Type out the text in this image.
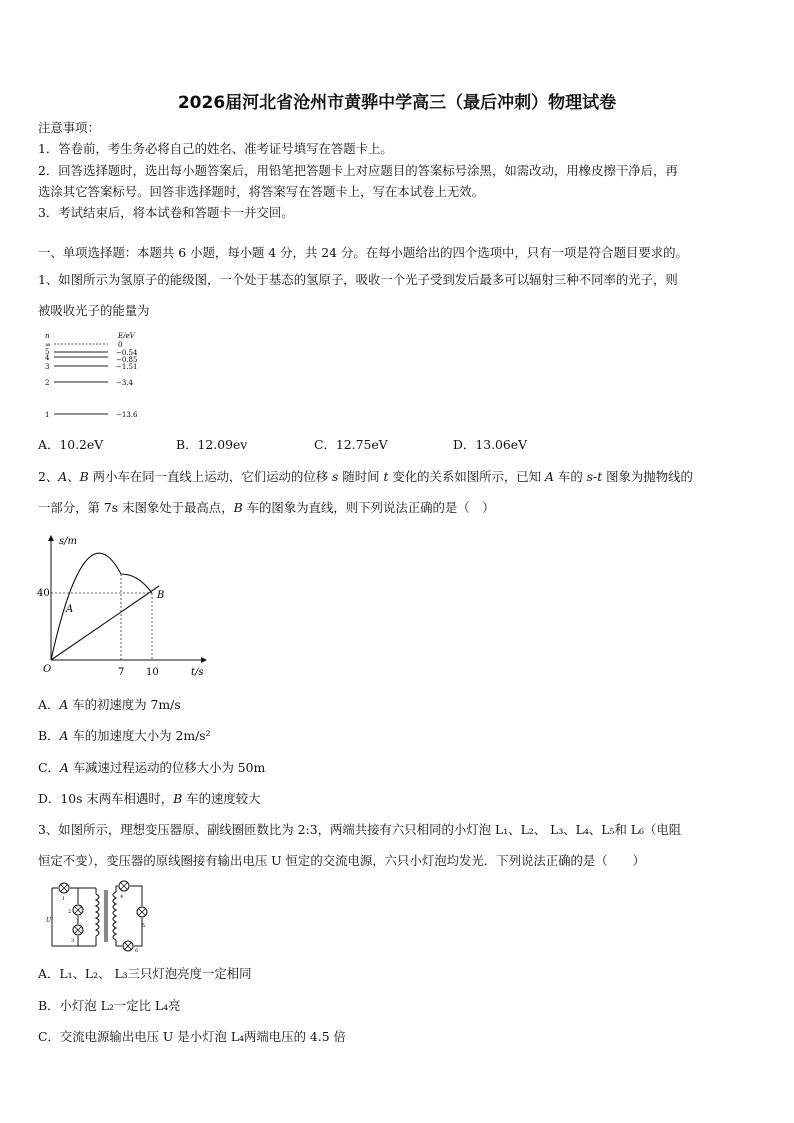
2026届河北省沧州市黄骅中学高三（最后冲刺）物理试卷
注意事项：
1．答卷前，考生务必将自己的姓名、准考证号填写在答题卡上。
2．回答选择题时，选出每小题答案后，用铅笔把答题卡上对应题目的答案标号涂黑，如需改动，用橡皮擦干净后，再
选涂其它答案标号。回答非选择题时，将答案写在答题卡上，写在本试卷上无效。
3．考试结束后，将本试卷和答题卡一并交回。
一、单项选择题：本题共 6 小题，每小题 4 分，共 24 分。在每小题给出的四个选项中，只有一项是符合题目要求的。
1、如图所示为氢原子的能级图，一个处于基态的氢原子，吸收一个光子受到发后最多可以辐射三种不同率的光子，则
被吸收光子的能量为
n	E/eV
∞	0
5	−0.54
4
−1.51
−0.85
3
2	−3.4
1	−13.6
A．10.2eV	B．12.09ev	C．12.75eV	D．13.06eV
2、A、B 两小车在同一直线上运动，它们运动的位移 s 随时间 t 变化的关系如图所示，已知 A 车的 s-t 图象为抛物线的
一部分，第 7s 末图象处于最高点，B 车的图象为直线，则下列说法正确的是（　）
s/m
t/s
O
40
7 10
A
B
A．A 车的初速度为 7m/s
B．A 车的加速度大小为 2m/s²
C．A 车减速过程运动的位移大小为 50m
D．10s 末两车相遇时，B 车的速度较大
3、如图所示，理想变压器原、副线圈匝数比为 2:3，两端共接有六只相同的小灯泡 L₁、L₂、 L₃、L₄、L₅和 L₆（电阻
恒定不变），变压器的原线圈接有输出电压 U 恒定的交流电源，六只小灯泡均发光．下列说法正确的是（　　）
1
2
3
U
4
5
6
A．L₁、L₂、 L₃三只灯泡亮度一定相同
B．小灯泡 L₂一定比 L₄亮
C．交流电源输出电压 U 是小灯泡 L₄两端电压的 4.5 倍
